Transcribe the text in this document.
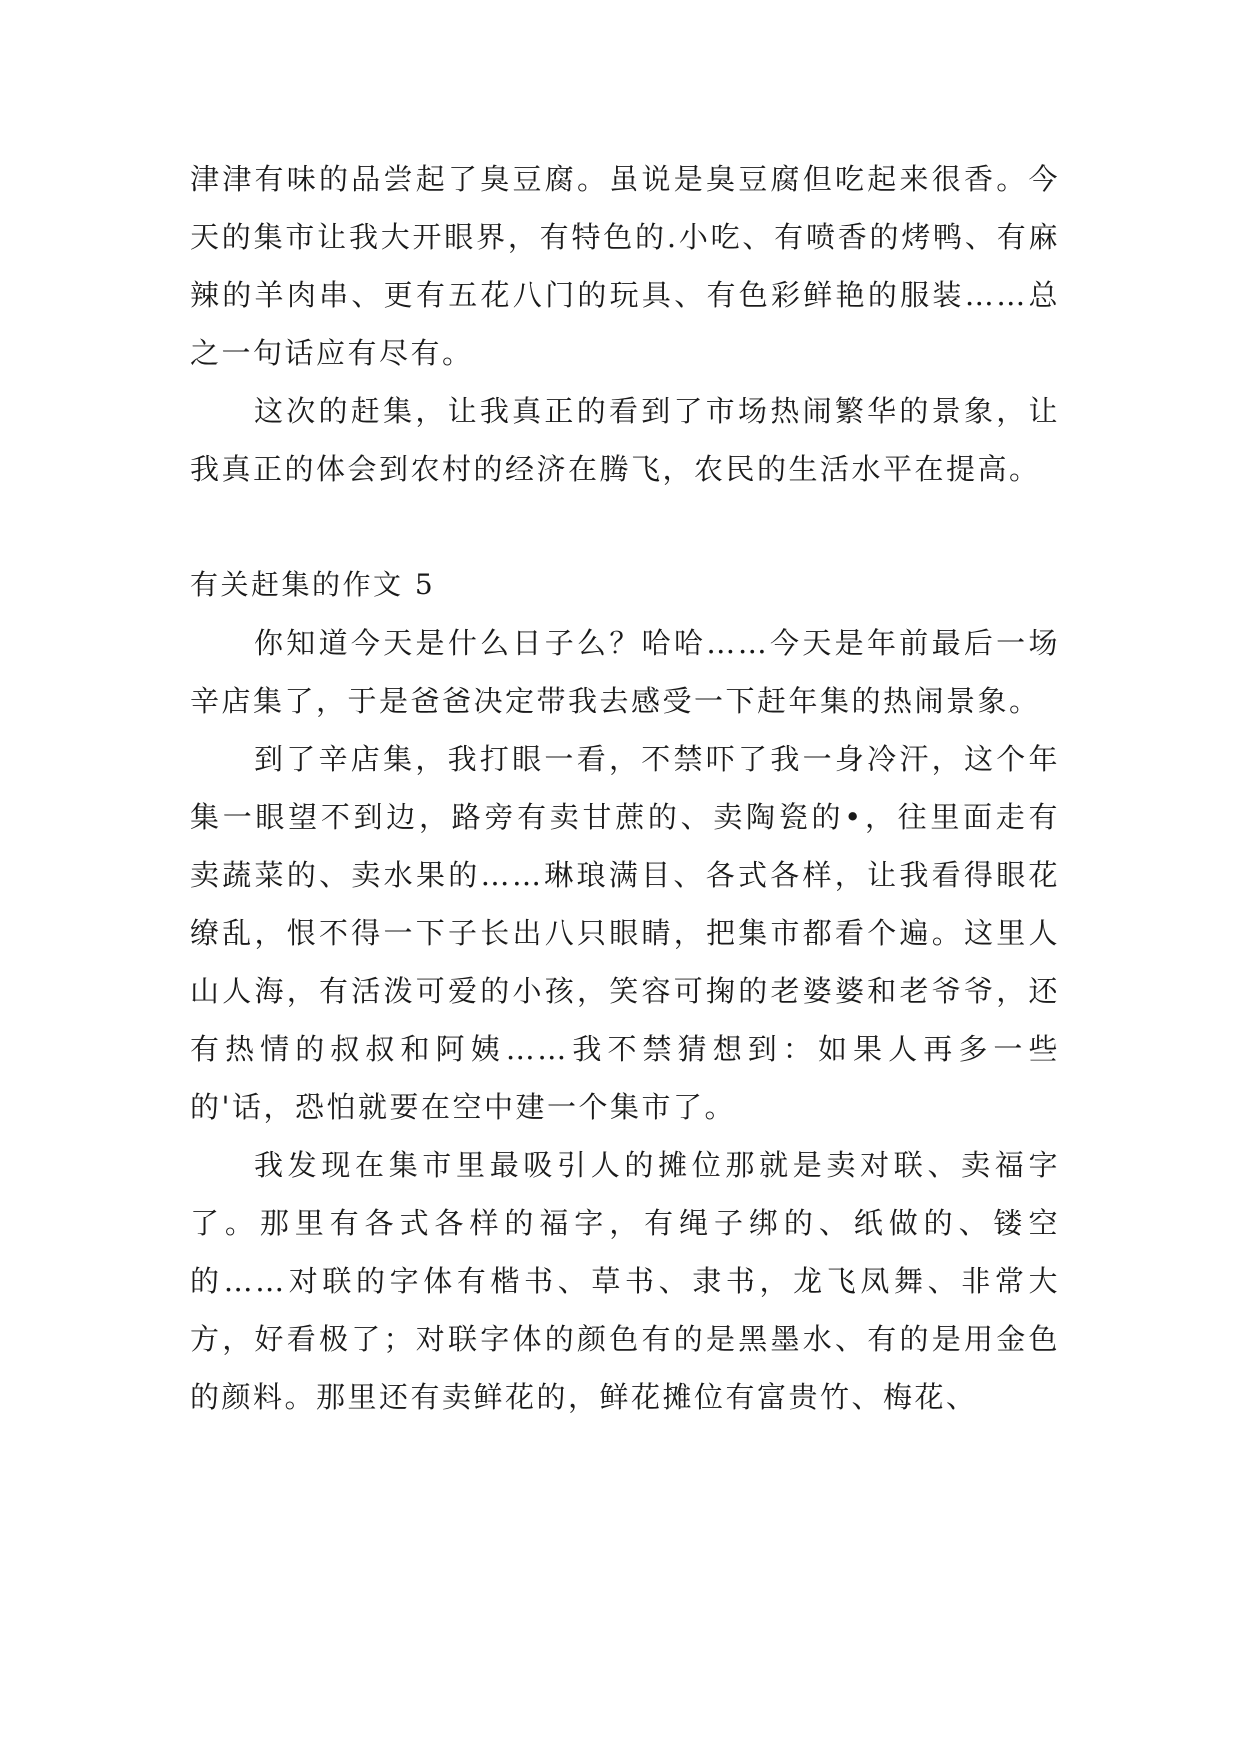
津津有味的品尝起了臭豆腐。虽说是臭豆腐但吃起来很香。今天的集市让我大开眼界，有特色的.小吃、有喷香的烤鸭、有麻辣的羊肉串、更有五花八门的玩具、有色彩鲜艳的服装……总之一句话应有尽有。

这次的赶集，让我真正的看到了市场热闹繁华的景象，让我真正的体会到农村的经济在腾飞，农民的生活水平在提高。

有关赶集的作文 5

你知道今天是什么日子么？哈哈……今天是年前最后一场辛店集了，于是爸爸决定带我去感受一下赶年集的热闹景象。

到了辛店集，我打眼一看，不禁吓了我一身冷汗，这个年集一眼望不到边，路旁有卖甘蔗的、卖陶瓷的•，往里面走有卖蔬菜的、卖水果的……琳琅满目、各式各样，让我看得眼花缭乱，恨不得一下子长出八只眼睛，把集市都看个遍。这里人山人海，有活泼可爱的小孩，笑容可掬的老婆婆和老爷爷，还有热情的叔叔和阿姨……我不禁猜想到：如果人再多一些的'话，恐怕就要在空中建一个集市了。

我发现在集市里最吸引人的摊位那就是卖对联、卖福字了。那里有各式各样的福字，有绳子绑的、纸做的、镂空的……对联的字体有楷书、草书、隶书，龙飞凤舞、非常大方，好看极了；对联字体的颜色有的是黑墨水、有的是用金色的颜料。那里还有卖鲜花的，鲜花摊位有富贵竹、梅花、
